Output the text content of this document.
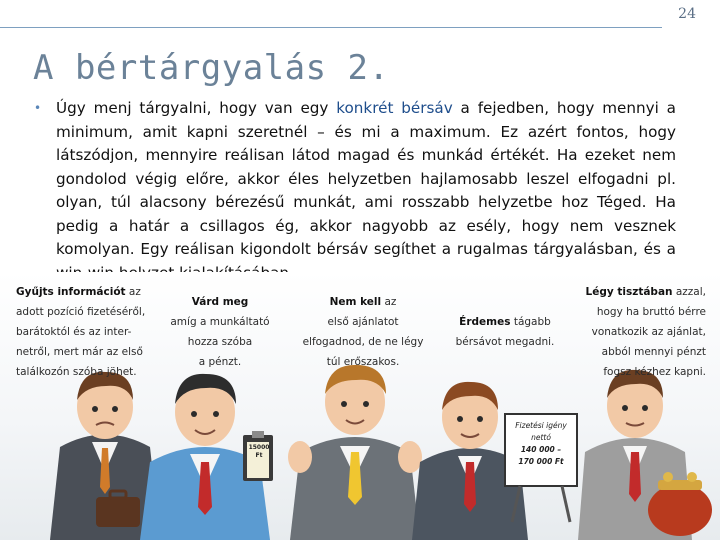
24
A bértárgyalás 2.
• Úgy menj tárgyalni, hogy van egy konkrét bérsáv a fejedben, hogy mennyi a minimum, amit kapni szeretnél – és mi a maximum. Ez azért fontos, hogy látszódjon, mennyire reálisan látod magad és munkád értékét. Ha ezeket nem gondolod végig előre, akkor éles helyzetben hajlamosabb leszel elfogadni pl. olyan, túl alacsony bérezésű munkát, ami rosszabb helyzetbe hoz Téged. Ha pedig a határ a csillagos ég, akkor nagyobb az esély, hogy nem vesznek komolyan. Egy reálisan kigondolt bérsáv segíthet a rugalmas tárgyalásban, és a

Gyűjts információt az
adott pozíció fizetéséről,
barátoktól és az inter-
netről, mert már az első
találkozón szóba jöhet.
Várd meg
amíg a munkáltató
hozza szóba
a pénzt.
Nem kell az
első ajánlatot
elfogadnod, de ne légy
túl erőszakos.
Érdemes tágabb
bérsávot megadni.
Légy tisztában azzal,
hogy ha bruttó bérre
vonatkozik az ajánlat,
abból mennyi pénzt
fogsz kézhez kapni.
15000 Ft
Fizetési igény
nettó
140 000 –
170 000 Ft
